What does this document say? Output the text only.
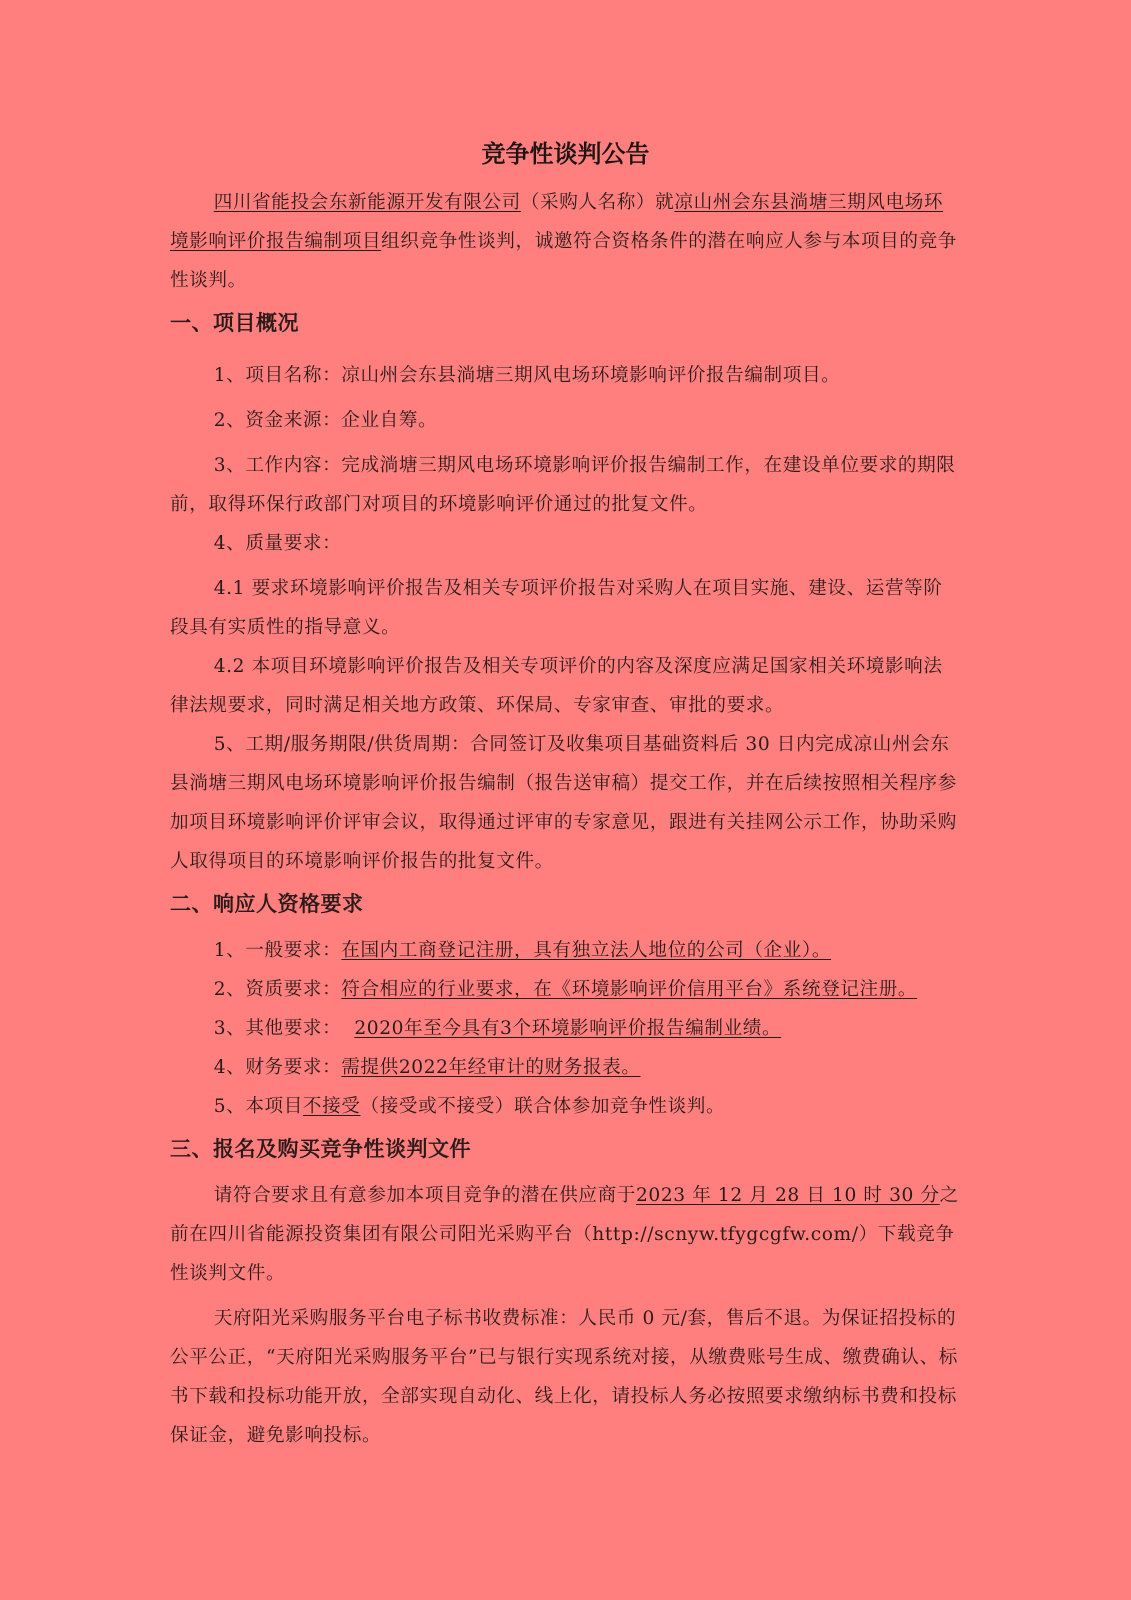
竞争性谈判公告

四川省能投会东新能源开发有限公司（采购人名称）就凉山州会东县淌塘三期风电场环境影响评价报告编制项目组织竞争性谈判，诚邀符合资格条件的潜在响应人参与本项目的竞争性谈判。

一、项目概况

1、项目名称：凉山州会东县淌塘三期风电场环境影响评价报告编制项目。

2、资金来源：企业自筹。

3、工作内容：完成淌塘三期风电场环境影响评价报告编制工作，在建设单位要求的期限前，取得环保行政部门对项目的环境影响评价通过的批复文件。

4、质量要求：

4.1 要求环境影响评价报告及相关专项评价报告对采购人在项目实施、建设、运营等阶段具有实质性的指导意义。

4.2 本项目环境影响评价报告及相关专项评价的内容及深度应满足国家相关环境影响法律法规要求，同时满足相关地方政策、环保局、专家审查、审批的要求。

5、工期/服务期限/供货周期：合同签订及收集项目基础资料后 30 日内完成凉山州会东县淌塘三期风电场环境影响评价报告编制（报告送审稿）提交工作，并在后续按照相关程序参加项目环境影响评价评审会议，取得通过评审的专家意见，跟进有关挂网公示工作，协助采购人取得项目的环境影响评价报告的批复文件。

二、响应人资格要求

1、一般要求：在国内工商登记注册，具有独立法人地位的公司（企业）。

2、资质要求：符合相应的行业要求，在《环境影响评价信用平台》系统登记注册。

3、其他要求： 2020年至今具有3个环境影响评价报告编制业绩。

4、财务要求：需提供2022年经审计的财务报表。

5、本项目不接受（接受或不接受）联合体参加竞争性谈判。

三、报名及购买竞争性谈判文件

请符合要求且有意参加本项目竞争的潜在供应商于2023 年 12 月 28 日 10 时 30 分之前在四川省能源投资集团有限公司阳光采购平台（http://scnyw.tfygcgfw.com/）下载竞争性谈判文件。

天府阳光采购服务平台电子标书收费标准：人民币 0 元/套，售后不退。为保证招投标的公平公正，“天府阳光采购服务平台”已与银行实现系统对接，从缴费账号生成、缴费确认、标书下载和投标功能开放，全部实现自动化、线上化，请投标人务必按照要求缴纳标书费和投标保证金，避免影响投标。
